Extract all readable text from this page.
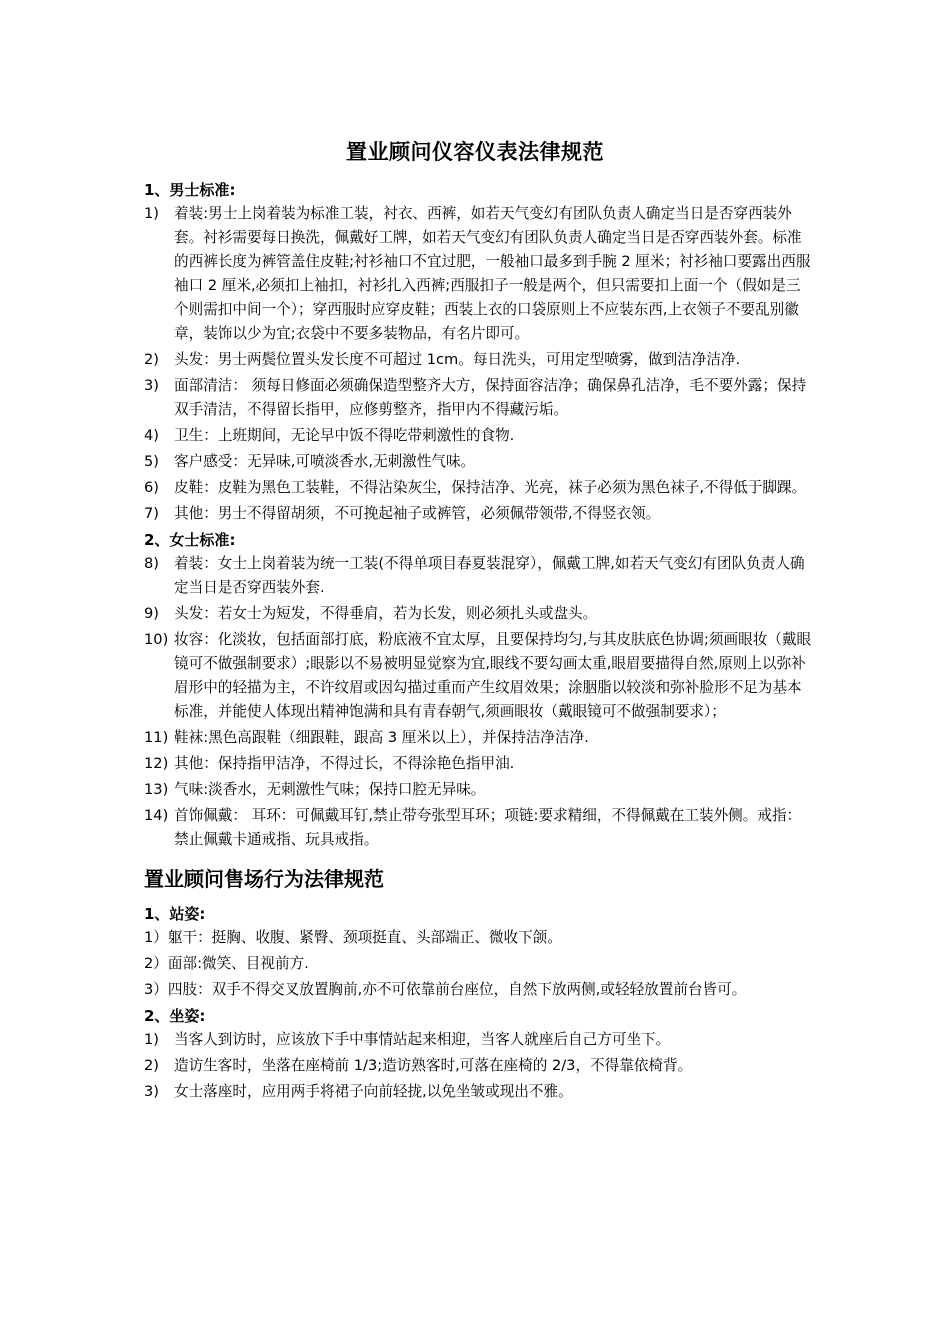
置业顾问仪容仪表法律规范
1、男士标准:
1) 着装:男士上岗着装为标准工装，衬衣、西裤，如若天气变幻有团队负责人确定当日是否穿西装外套。衬衫需要每日换洗，佩戴好工牌，如若天气变幻有团队负责人确定当日是否穿西装外套。标准的西裤长度为裤管盖住皮鞋;衬衫袖口不宜过肥，一般袖口最多到手腕 2 厘米；衬衫袖口要露出西服袖口 2 厘米,必须扣上袖扣，衬衫扎入西裤;西服扣子一般是两个，但只需要扣上面一个（假如是三个则需扣中间一个）；穿西服时应穿皮鞋；西装上衣的口袋原则上不应装东西,上衣领子不要乱别徽章，装饰以少为宜;衣袋中不要多装物品，有名片即可。
2) 头发：男士两鬓位置头发长度不可超过 1cm。每日洗头，可用定型喷雾，做到洁净洁净.
3) 面部清洁： 须每日修面必须确保造型整齐大方，保持面容洁净；确保鼻孔洁净，毛不要外露；保持双手清洁，不得留长指甲，应修剪整齐，指甲内不得藏污垢。
4) 卫生：上班期间，无论早中饭不得吃带刺激性的食物.
5) 客户感受：无异味,可喷淡香水,无刺激性气味。
6) 皮鞋：皮鞋为黑色工装鞋，不得沾染灰尘，保持洁净、光亮，袜子必须为黑色袜子,不得低于脚踝。
7) 其他：男士不得留胡须，不可挽起袖子或裤管，必须佩带领带,不得竖衣领。
2、女士标准:
8) 着装：女士上岗着装为统一工装(不得单项目春夏装混穿），佩戴工牌,如若天气变幻有团队负责人确定当日是否穿西装外套.
9) 头发：若女士为短发，不得垂肩，若为长发，则必须扎头或盘头。
10) 妆容：化淡妆，包括面部打底，粉底液不宜太厚，且要保持均匀,与其皮肤底色协调;须画眼妆（戴眼镜可不做强制要求）;眼影以不易被明显觉察为宜,眼线不要勾画太重,眼眉要描得自然,原则上以弥补眉形中的轻描为主，不许纹眉或因勾描过重而产生纹眉效果；涂胭脂以较淡和弥补脸形不足为基本标准，并能使人体现出精神饱满和具有青春朝气,须画眼妆（戴眼镜可不做强制要求）；
11) 鞋袜:黑色高跟鞋（细跟鞋，跟高 3 厘米以上），并保持洁净洁净.
12) 其他：保持指甲洁净，不得过长，不得涂艳色指甲油.
13) 气味:淡香水，无刺激性气味；保持口腔无异味。
14) 首饰佩戴： 耳环：可佩戴耳钉,禁止带夸张型耳环；项链:要求精细，不得佩戴在工装外侧。戒指：禁止佩戴卡通戒指、玩具戒指。
置业顾问售场行为法律规范
1、站姿:
1）躯干：挺胸、收腹、紧臀、颈项挺直、头部端正、微收下颌。
2）面部:微笑、目视前方.
3）四肢：双手不得交叉放置胸前,亦不可依靠前台座位，自然下放两侧,或轻轻放置前台皆可。
2、坐姿:
1) 当客人到访时，应该放下手中事情站起来相迎，当客人就座后自己方可坐下。
2) 造访生客时，坐落在座椅前 1/3;造访熟客时,可落在座椅的 2/3，不得靠依椅背。
3) 女士落座时，应用两手将裙子向前轻拢,以免坐皱或现出不雅。
